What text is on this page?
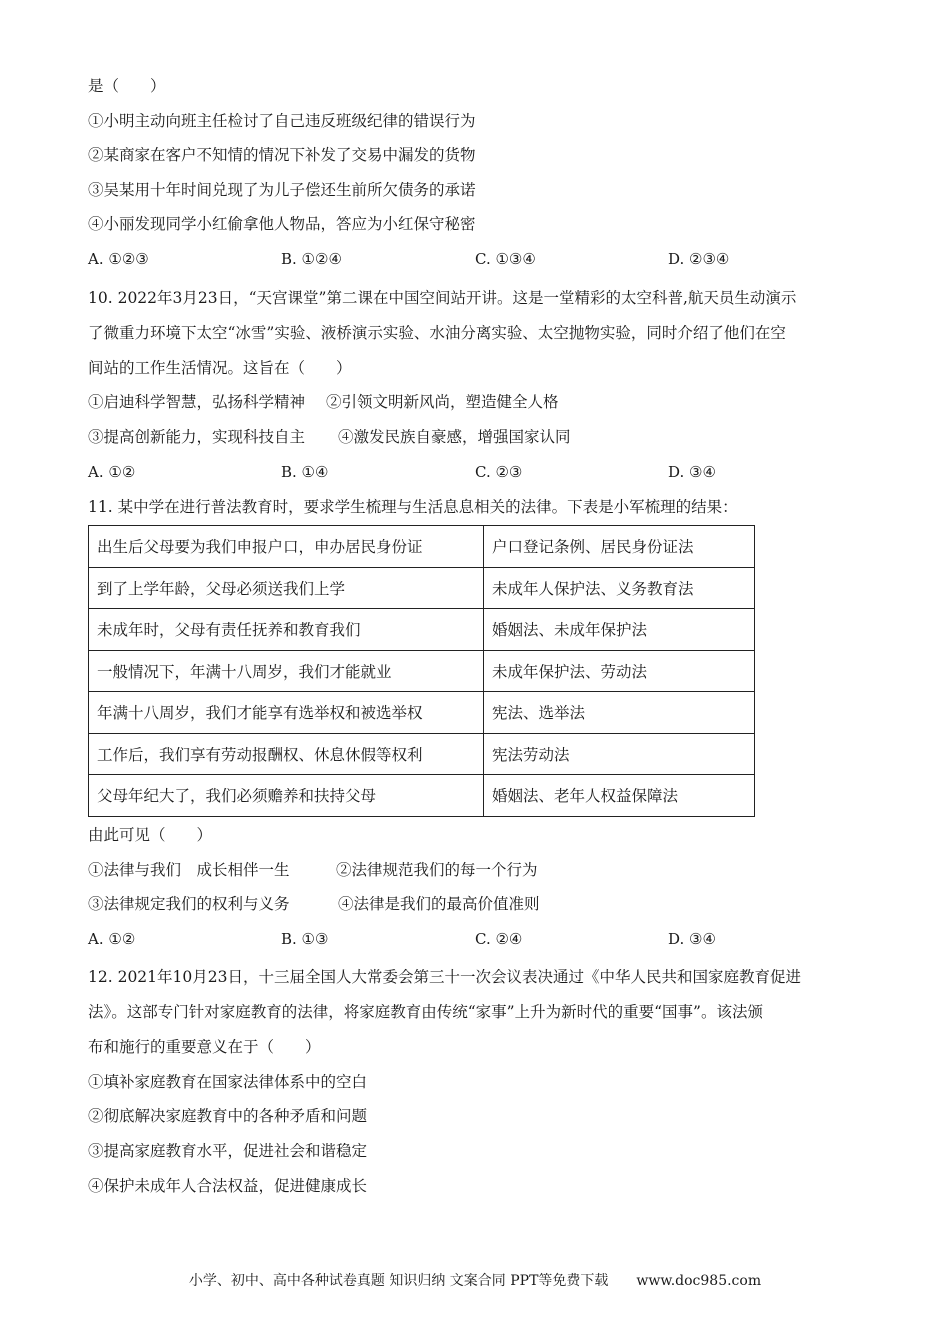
是（　　）
①小明主动向班主任检讨了自己违反班级纪律的错误行为
②某商家在客户不知情的情况下补发了交易中漏发的货物
③吴某用十年时间兑现了为儿子偿还生前所欠债务的承诺
④小丽发现同学小红偷拿他人物品，答应为小红保守秘密
A. ①②③	B. ①②④	C. ①③④	D. ②③④
10. 2022年3月23日，“天宫课堂”第二课在中国空间站开讲。这是一堂精彩的太空科普,航天员生动演示
了微重力环境下太空“冰雪”实验、液桥演示实验、水油分离实验、太空抛物实验，同时介绍了他们在空
间站的工作生活情况。这旨在（　　）
①启迪科学智慧，弘扬科学精神 ②引领文明新风尚，塑造健全人格
③提高创新能力，实现科技自主 ④激发民族自豪感，增强国家认同
A. ①②	B. ①④	C. ②③	D. ③④
11. 某中学在进行普法教育时，要求学生梳理与生活息息相关的法律。下表是小军梳理的结果：
出生后父母要为我们申报户口，申办居民身份证	户口登记条例、居民身份证法
到了上学年龄，父母必须送我们上学	未成年人保护法、义务教育法
未成年时，父母有责任抚养和教育我们	婚姻法、未成年保护法
一般情况下，年满十八周岁，我们才能就业	未成年保护法、劳动法
年满十八周岁，我们才能享有选举权和被选举权	宪法、选举法
工作后，我们享有劳动报酬权、休息休假等权利	宪法劳动法
父母年纪大了，我们必须赡养和扶持父母	婚姻法、老年人权益保障法
由此可见（　　）
①法律与我们　成长相伴一生	②法律规范我们的每一个行为
③法律规定我们的权利与义务	④法律是我们的最高价值准则
A. ①②	B. ①③	C. ②④	D. ③④
12. 2021年10月23日，十三届全国人大常委会第三十一次会议表决通过《中华人民共和国家庭教育促进
法》。这部专门针对家庭教育的法律，将家庭教育由传统“家事”上升为新时代的重要“国事”。该法颁
布和施行的重要意义在于（　　）
①填补家庭教育在国家法律体系中的空白
②彻底解决家庭教育中的各种矛盾和问题
③提高家庭教育水平，促进社会和谐稳定
④保护未成年人合法权益，促进健康成长
小学、初中、高中各种试卷真题 知识归纳 文案合同 PPT等免费下载　　www.doc985.com
